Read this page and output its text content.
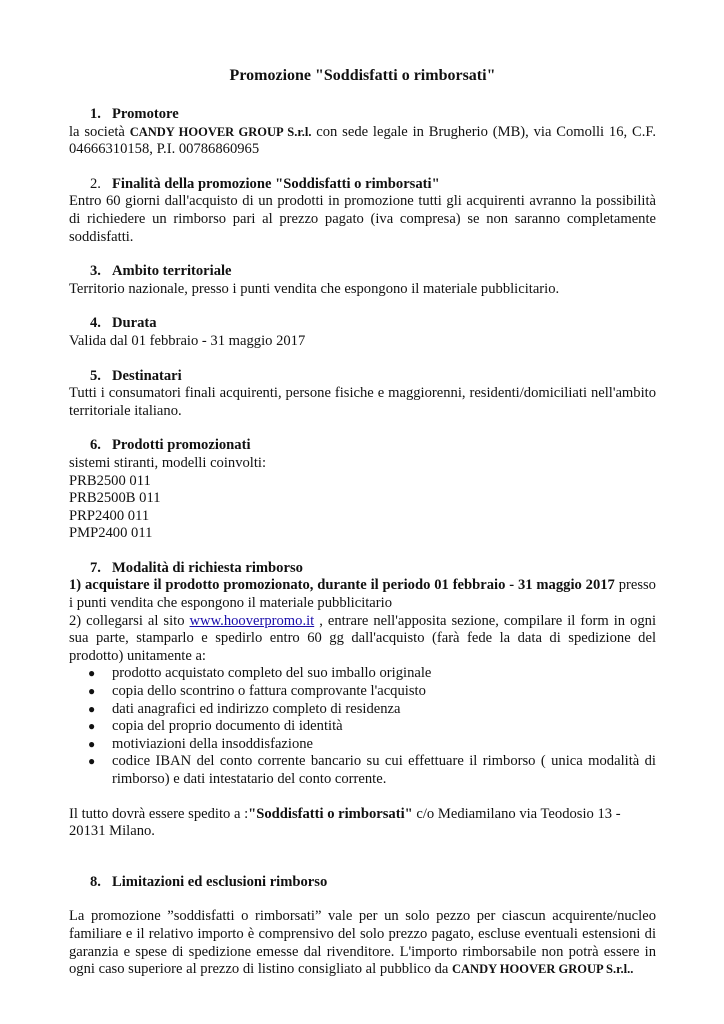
Promozione "Soddisfatti o rimborsati"
1. Promotore
la società CANDY HOOVER GROUP S.r.l. con sede legale in Brugherio (MB), via Comolli 16, C.F. 04666310158, P.I. 00786860965
2. Finalità della promozione "Soddisfatti o rimborsati"
Entro 60 giorni dall'acquisto di un prodotti in promozione tutti gli acquirenti avranno la possibilità di richiedere un rimborso pari al prezzo pagato (iva compresa) se non saranno completamente soddisfatti.
3. Ambito territoriale
Territorio nazionale, presso i punti vendita che espongono il materiale pubblicitario.
4. Durata
Valida dal 01 febbraio - 31 maggio 2017
5. Destinatari
Tutti i consumatori finali acquirenti, persone fisiche e maggiorenni, residenti/domiciliati nell'ambito territoriale italiano.
6. Prodotti promozionati
sistemi stiranti, modelli coinvolti:
PRB2500 011
PRB2500B 011
PRP2400 011
PMP2400 011
7. Modalità di richiesta rimborso
1) acquistare il prodotto promozionato, durante il periodo 01 febbraio - 31 maggio 2017 presso i punti vendita che espongono il materiale pubblicitario
2) collegarsi al sito www.hooverpromo.it , entrare nell'apposita sezione, compilare il form in ogni sua parte, stamparlo e spedirlo entro 60 gg dall'acquisto (farà fede la data di spedizione del prodotto) unitamente a:
● prodotto acquistato completo del suo imballo originale
● copia dello scontrino o fattura comprovante l'acquisto
● dati anagrafici ed indirizzo completo di residenza
● copia del proprio documento di identità
● motiviazioni della insoddisfazione
● codice IBAN del conto corrente bancario su cui effettuare il rimborso ( unica modalità di rimborso) e dati intestatario del conto corrente.
Il tutto dovrà essere spedito a :"Soddisfatti o rimborsati" c/o Mediamilano via Teodosio 13 - 20131 Milano.
8. Limitazioni ed esclusioni rimborso
La promozione ”soddisfatti o rimborsati” vale per un solo pezzo per ciascun acquirente/nucleo familiare e il relativo importo è comprensivo del solo prezzo pagato, escluse eventuali estensioni di garanzia e spese di spedizione emesse dal rivenditore. L'importo rimborsabile non potrà essere in ogni caso superiore al prezzo di listino consigliato al pubblico da CANDY HOOVER GROUP S.r.l..
